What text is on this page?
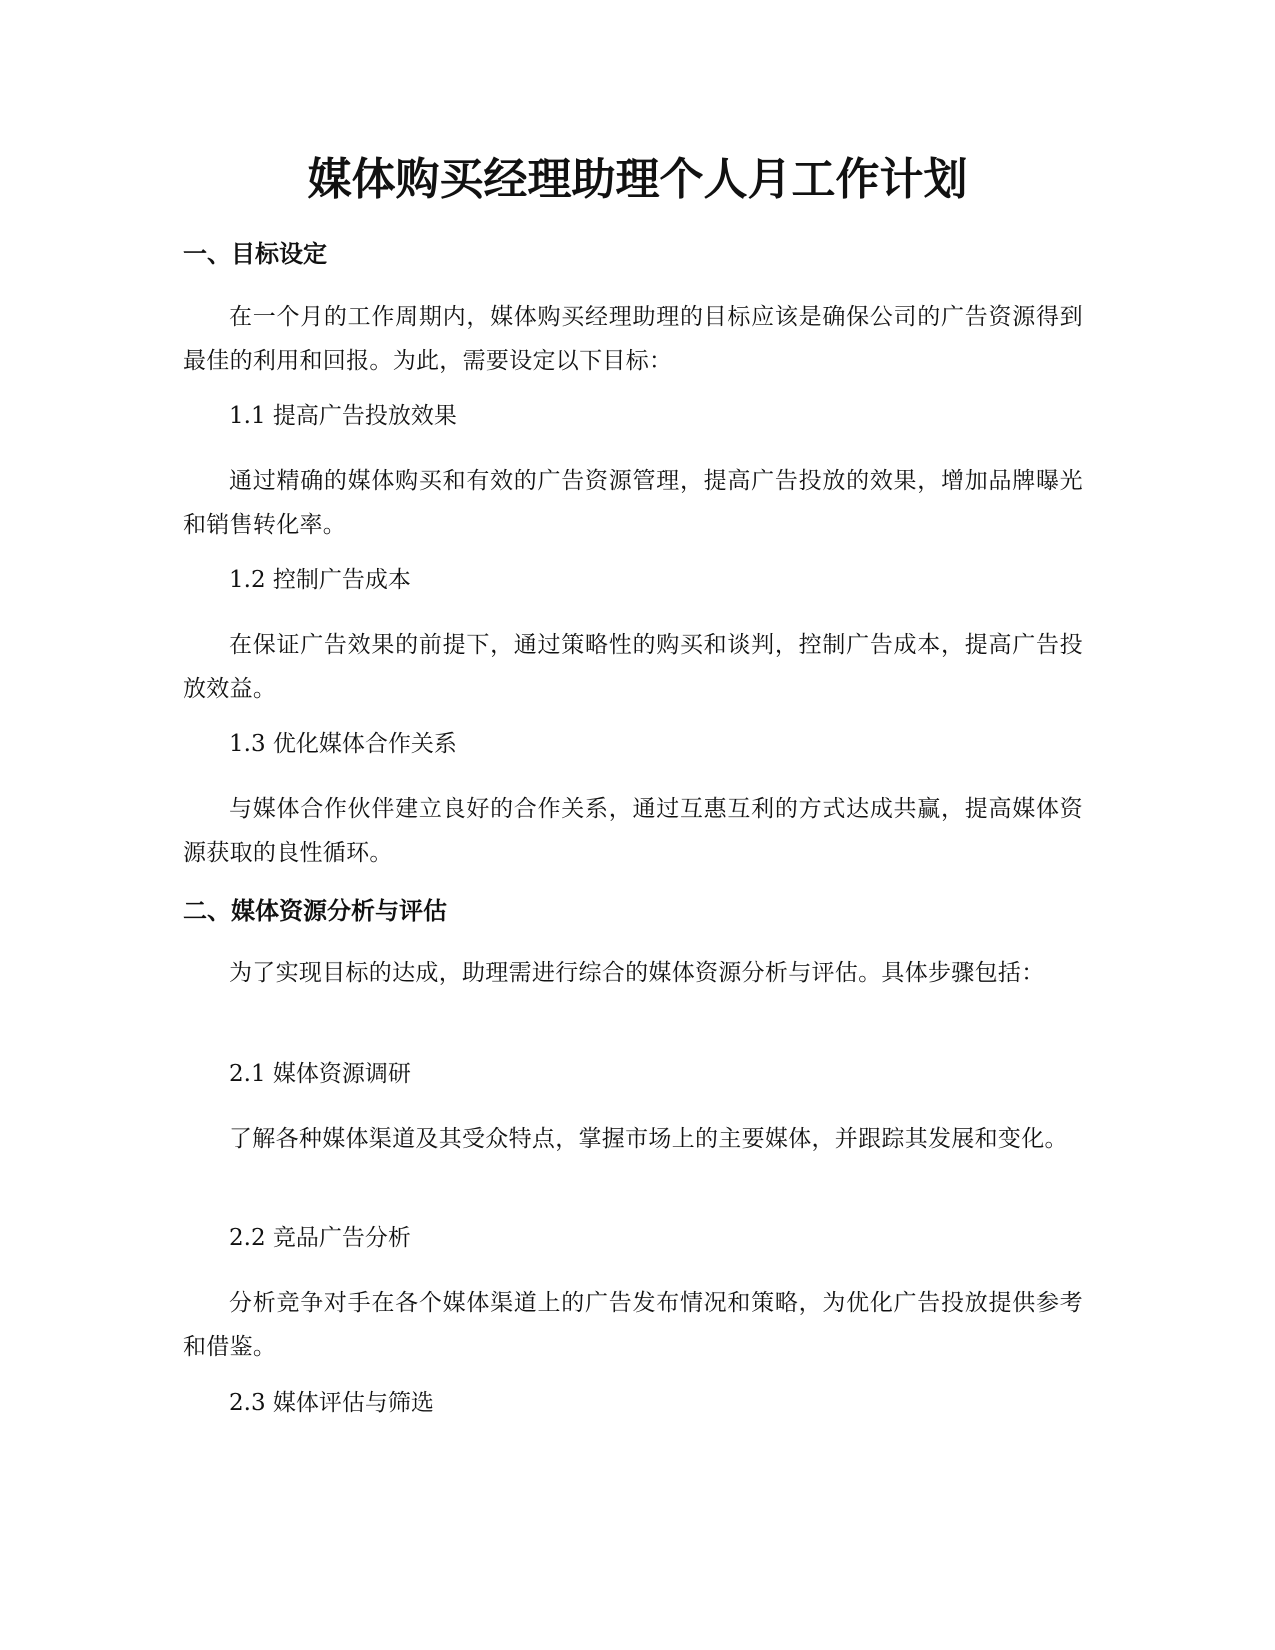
媒体购买经理助理个人月工作计划
一、目标设定

在一个月的工作周期内，媒体购买经理助理的目标应该是确保公司的广告资源得到最佳的利用和回报。为此，需要设定以下目标：

1.1 提高广告投放效果

通过精确的媒体购买和有效的广告资源管理，提高广告投放的效果，增加品牌曝光和销售转化率。

1.2 控制广告成本

在保证广告效果的前提下，通过策略性的购买和谈判，控制广告成本，提高广告投放效益。

1.3 优化媒体合作关系

与媒体合作伙伴建立良好的合作关系，通过互惠互利的方式达成共赢，提高媒体资源获取的良性循环。

二、媒体资源分析与评估

为了实现目标的达成，助理需进行综合的媒体资源分析与评估。具体步骤包括：

2.1 媒体资源调研

了解各种媒体渠道及其受众特点，掌握市场上的主要媒体，并跟踪其发展和变化。

2.2 竞品广告分析

分析竞争对手在各个媒体渠道上的广告发布情况和策略，为优化广告投放提供参考和借鉴。

2.3 媒体评估与筛选
